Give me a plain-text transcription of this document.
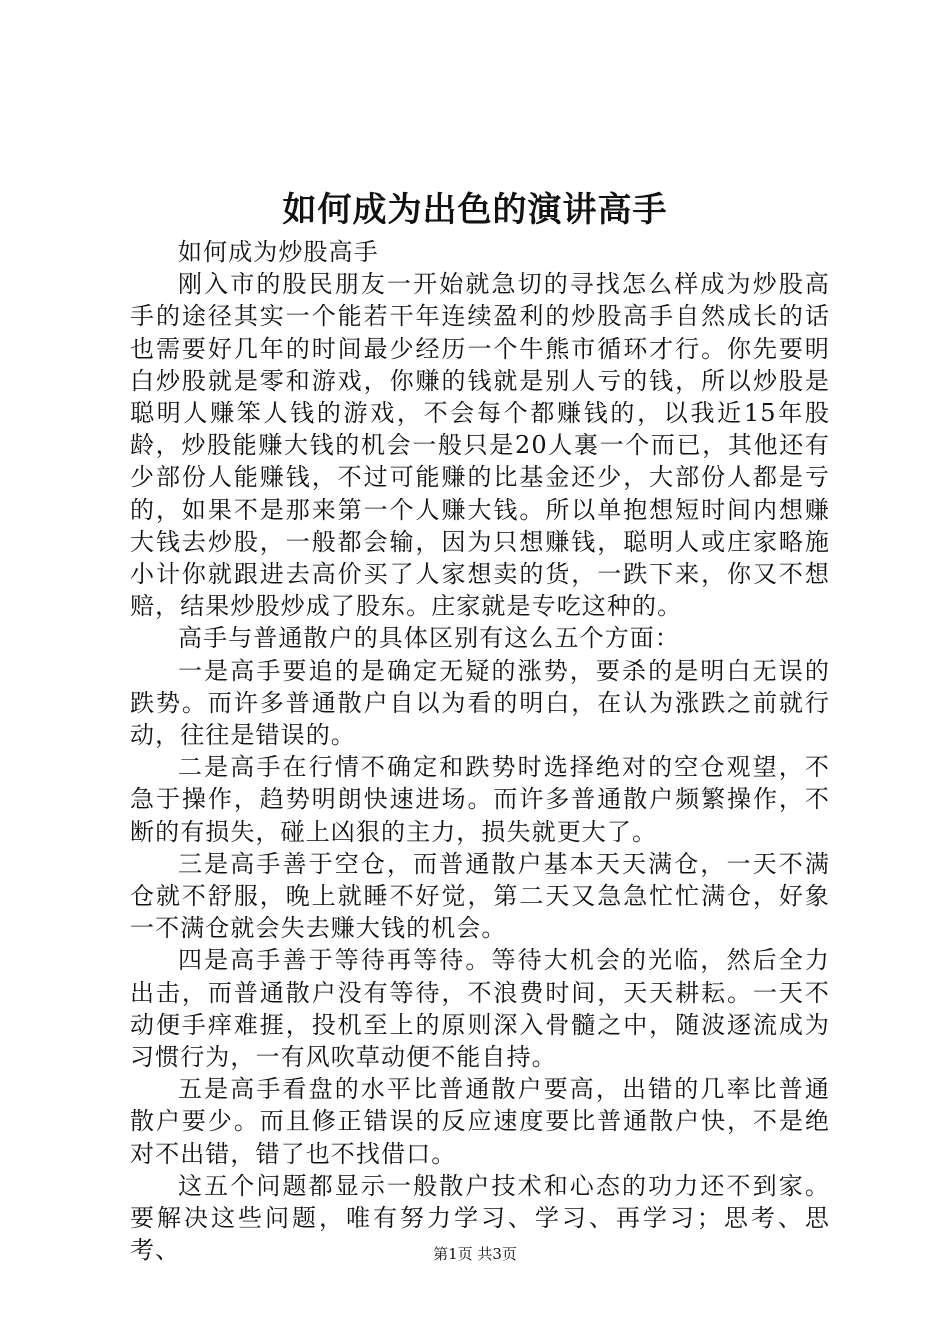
如何成为出色的演讲高手

如何成为炒股高手

刚入市的股民朋友一开始就急切的寻找怎么样成为炒股高手的途径其实一个能若干年连续盈利的炒股高手自然成长的话也需要好几年的时间最少经历一个牛熊市循环才行。你先要明白炒股就是零和游戏，你赚的钱就是别人亏的钱，所以炒股是聪明人赚笨人钱的游戏，不会每个都赚钱的，以我近15年股龄，炒股能赚大钱的机会一般只是20人裏一个而已，其他还有少部份人能赚钱，不过可能赚的比基金还少，大部份人都是亏的，如果不是那来第一个人赚大钱。所以单抱想短时间内想赚大钱去炒股，一般都会输，因为只想赚钱，聪明人或庄家略施小计你就跟进去高价买了人家想卖的货，一跌下来，你又不想赔，结果炒股炒成了股东。庄家就是专吃这种的。

高手与普通散户的具体区别有这么五个方面：

一是高手要追的是确定无疑的涨势，要杀的是明白无误的跌势。而许多普通散户自以为看的明白，在认为涨跌之前就行动，往往是错误的。

二是高手在行情不确定和跌势时选择绝对的空仓观望，不急于操作，趋势明朗快速进场。而许多普通散户频繁操作，不断的有损失，碰上凶狠的主力，损失就更大了。

三是高手善于空仓，而普通散户基本天天满仓，一天不满仓就不舒服，晚上就睡不好觉，第二天又急急忙忙满仓，好象一不满仓就会失去赚大钱的机会。

四是高手善于等待再等待。等待大机会的光临，然后全力出击，而普通散户没有等待，不浪费时间，天天耕耘。一天不动便手痒难捱，投机至上的原则深入骨髓之中，随波逐流成为习惯行为，一有风吹草动便不能自持。

五是高手看盘的水平比普通散户要高，出错的几率比普通散户要少。而且修正错误的反应速度要比普通散户快，不是绝对不出错，错了也不找借口。

这五个问题都显示一般散户技术和心态的功力还不到家。要解决这些问题，唯有努力学习、学习、再学习；思考、思考、	第1页 共3页
